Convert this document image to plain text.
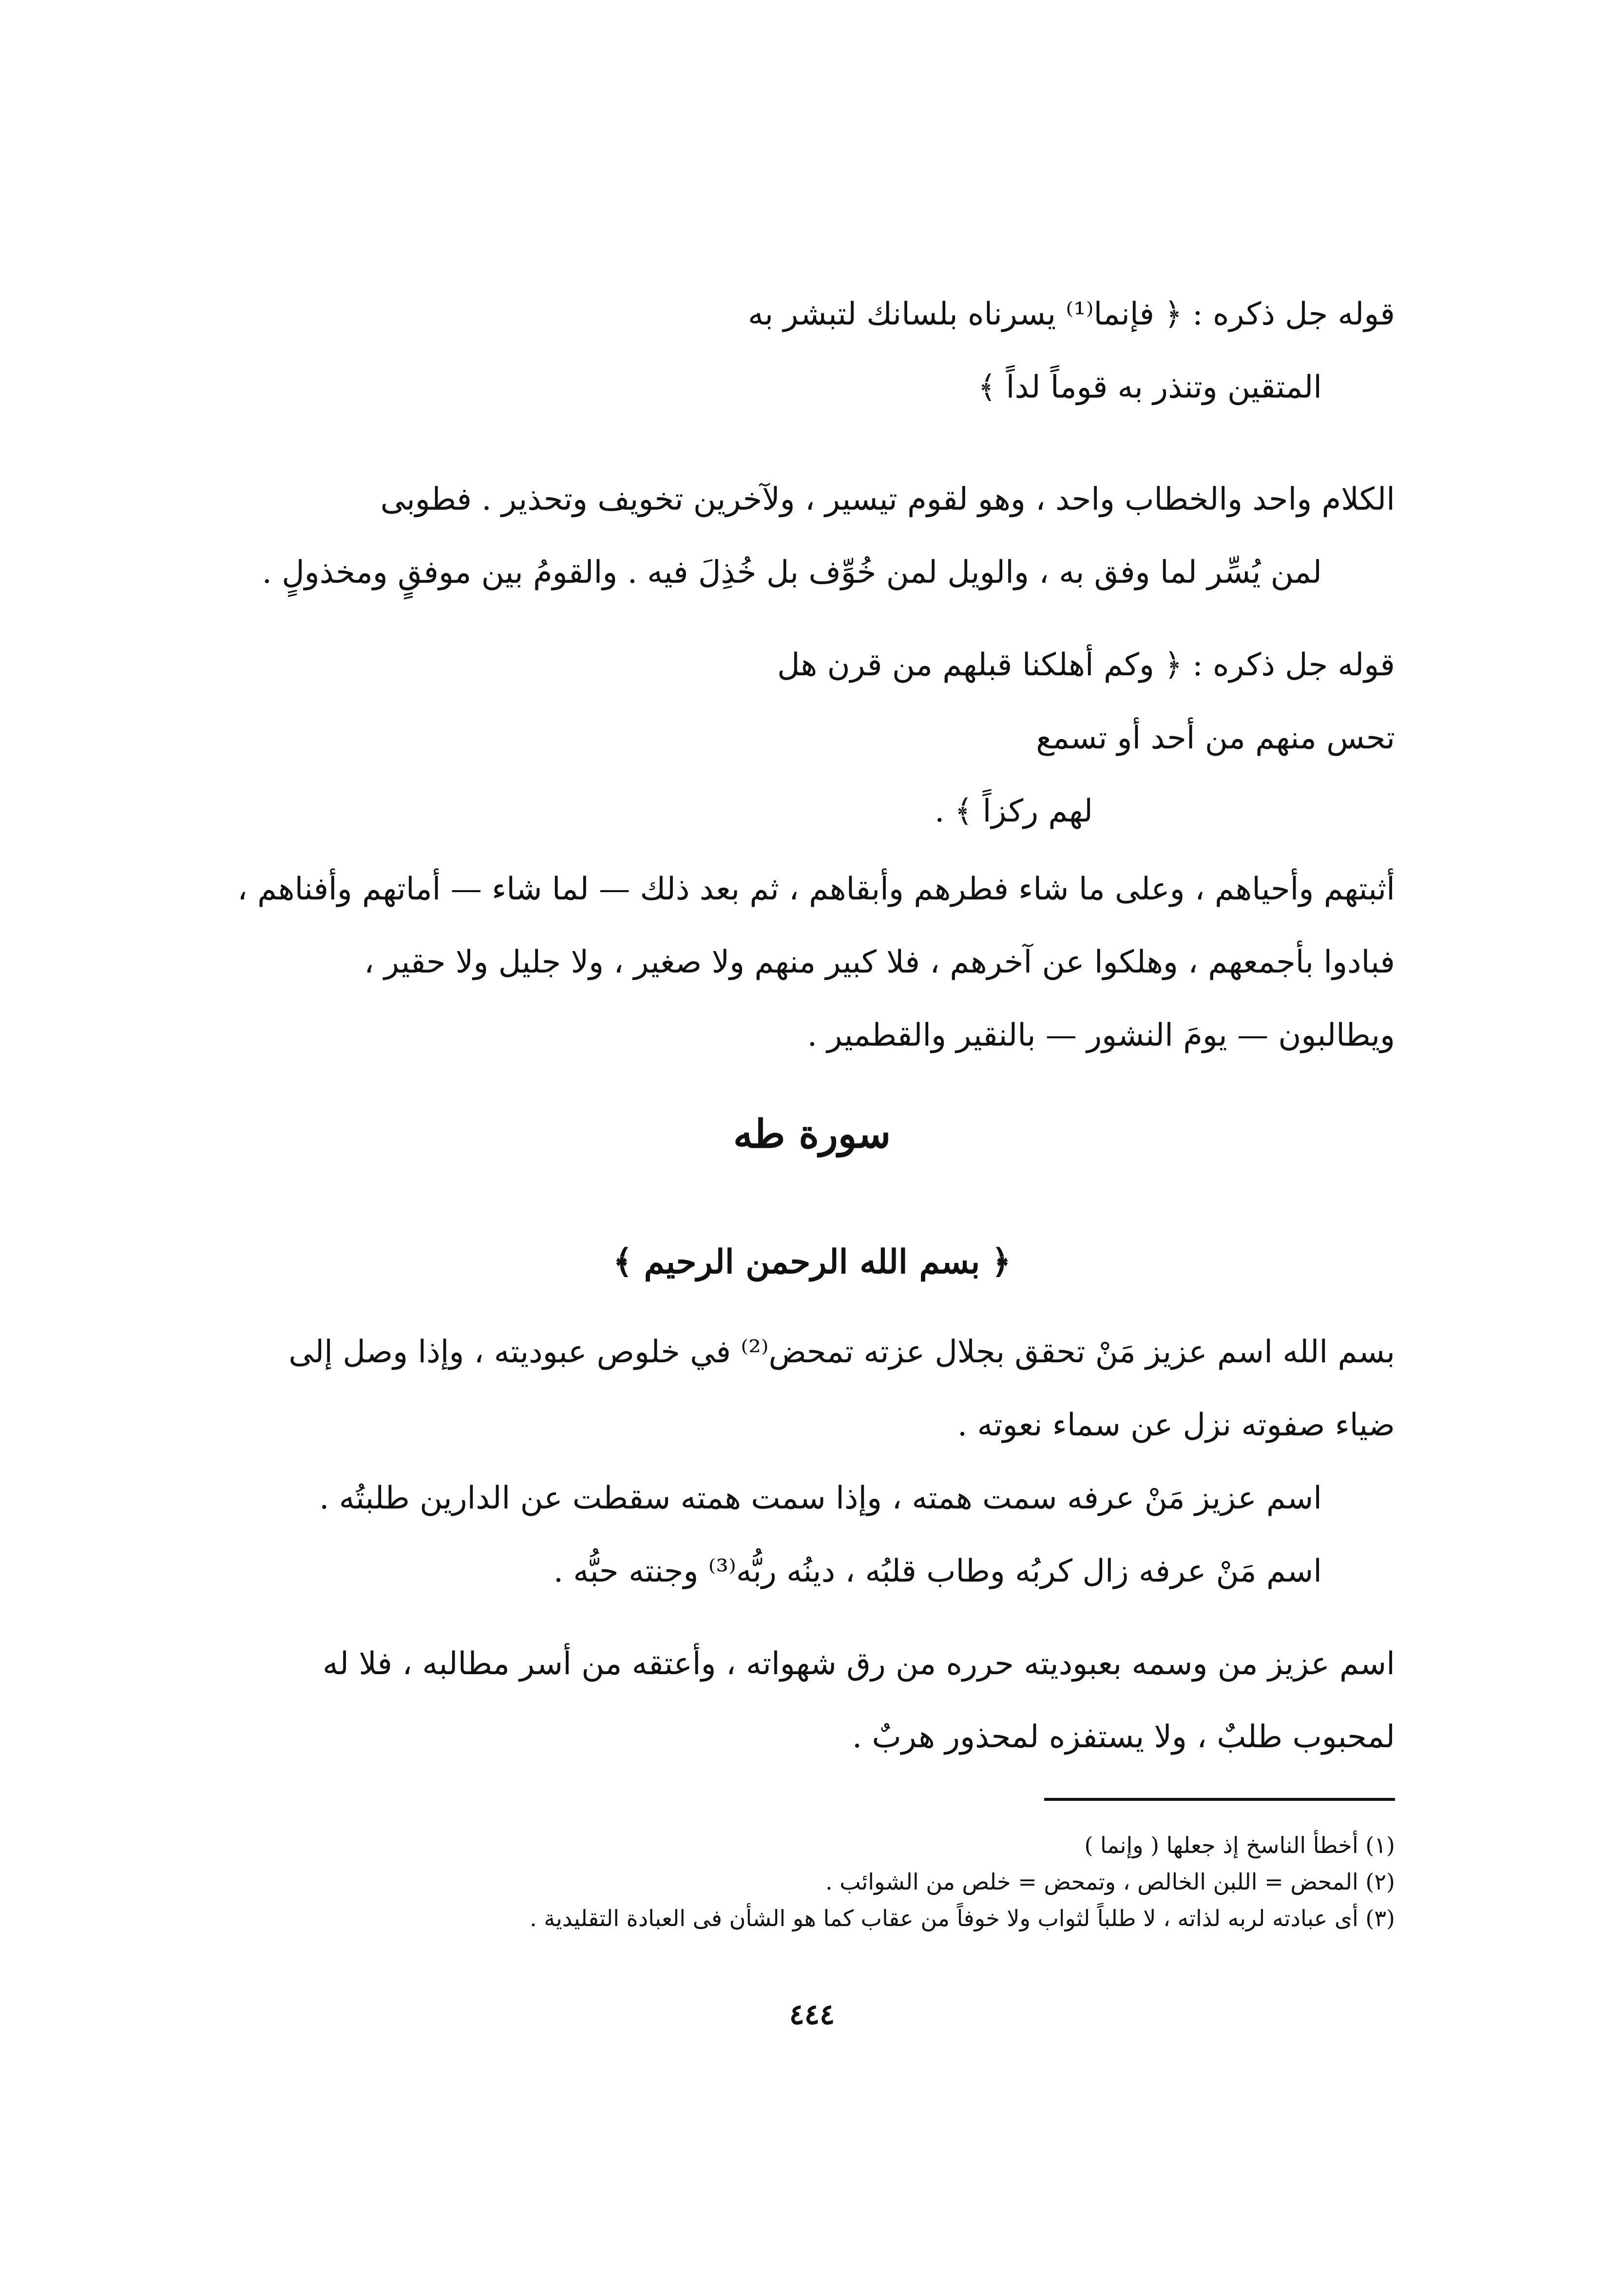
قوله جل ذكره : ﴿ فإنما⁽¹⁾ يسرناه بلسانك لتبشر به
المتقين وتنذر به قوماً لداً ﴾
الكلام واحد والخطاب واحد ، وهو لقوم تيسير ، ولآخرين تخويف وتحذير . فطوبى
لمن يُسِّر لما وفق به ، والويل لمن خُوِّف بل خُذِلَ فيه . والقومُ بين موفقٍ ومخذولٍ .
قوله جل ذكره : ﴿ وكم أهلكنا قبلهم من قرن هل
تحس منهم من أحد أو تسمع
لهم ركزاً ﴾ .
أثبتهم وأحياهم ، وعلى ما شاء فطرهم وأبقاهم ، ثم بعد ذلك — لما شاء — أماتهم وأفناهم ،
فبادوا بأجمعهم ، وهلكوا عن آخرهم ، فلا كبير منهم ولا صغير ، ولا جليل ولا حقير ،
ويطالبون — يومَ النشور — بالنقير والقطمير .
سورة طه
﴿ بسم الله الرحمن الرحيم ﴾
بسم الله اسم عزيز مَنْ تحقق بجلال عزته تمحض⁽²⁾ في خلوص عبوديته ، وإذا وصل إلى
ضياء صفوته نزل عن سماء نعوته .
اسم عزيز مَنْ عرفه سمت همته ، وإذا سمت همته سقطت عن الدارين طلبتُه .
اسم مَنْ عرفه زال كربُه وطاب قلبُه ، دينُه ربُّه⁽³⁾ وجنته حبُّه .
اسم عزيز من وسمه بعبوديته حرره من رق شهواته ، وأعتقه من أسر مطالبه ، فلا له
لمحبوب طلبٌ ، ولا يستفزه لمحذور هربٌ .
(١) أخطأ الناسخ إذ جعلها ( وإنما )
(٢) المحض = اللبن الخالص ، وتمحض = خلص من الشوائب .
(٣) أى عبادته لربه لذاته ، لا طلباً لثواب ولا خوفاً من عقاب كما هو الشأن فى العبادة التقليدية .
٤٤٤
